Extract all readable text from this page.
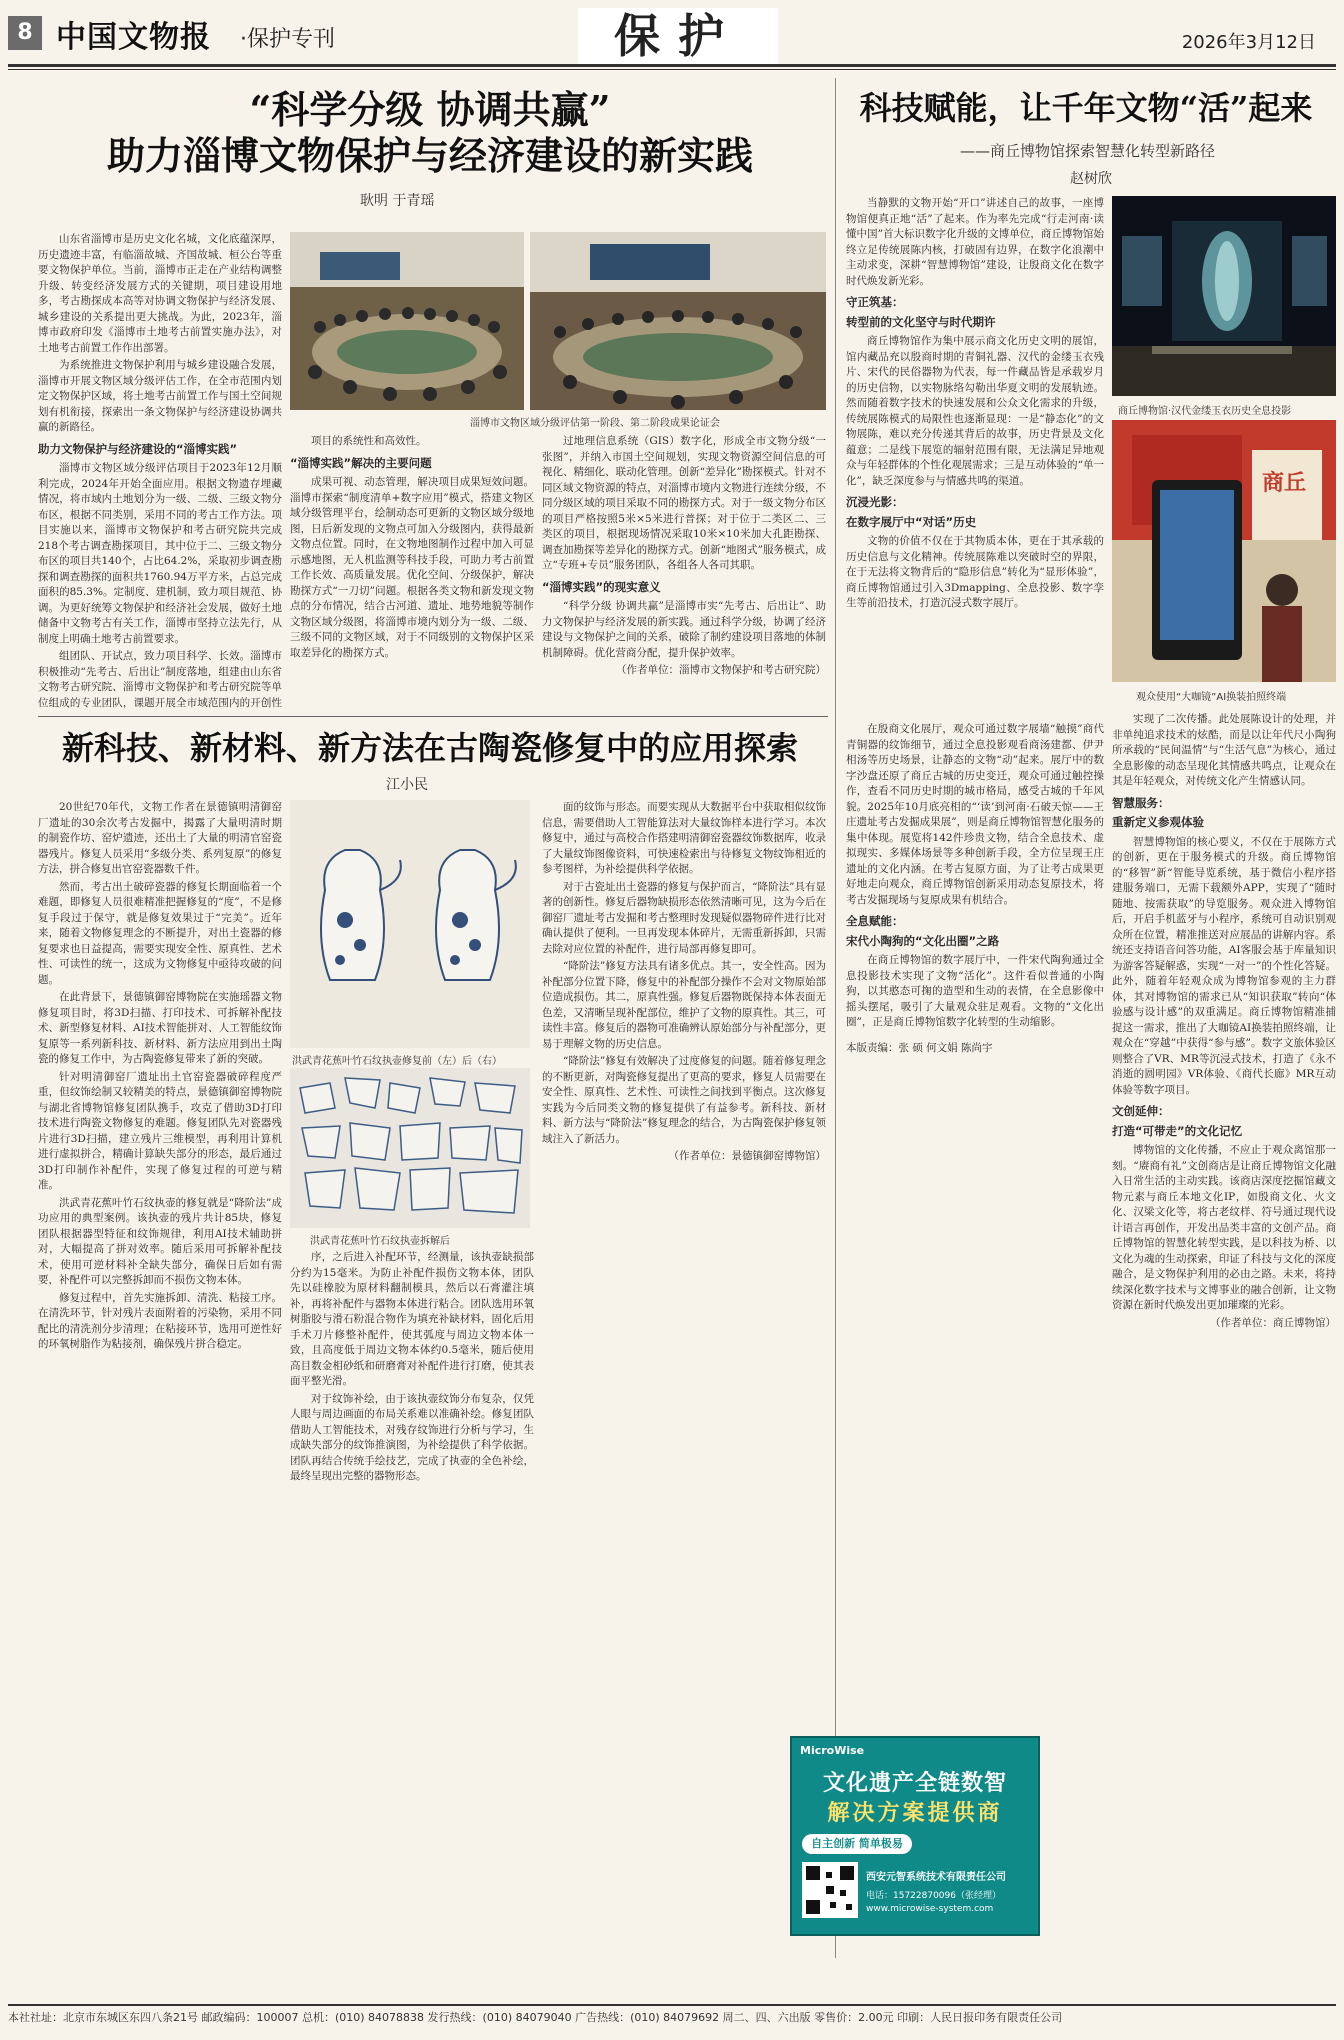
8 中国文物报 ·保护专刊	保护	2026年3月12日
“科学分级 协调共赢”
助力淄博文物保护与经济建设的新实践
耿明 于青瑶
淄博市文物区域分级评估第一阶段、第二阶段成果论证会

山东省淄博市是历史文化名城，文化底蕴深厚，历史遗迹丰富，有临淄故城、齐国故城、桓公台等重要文物保护单位。当前，淄博市正走在产业结构调整升级、转变经济发展方式的关键期，项目建设用地多，考古勘探成本高等对协调文物保护与经济发展、城乡建设的关系提出更大挑战。为此，2023年，淄博市政府印发《淄博市土地考古前置实施办法》，对土地考古前置工作作出部署。

为系统推进文物保护利用与城乡建设融合发展，淄博市开展文物区域分级评估工作，在全市范围内划定文物保护区域，将土地考古前置工作与国土空间规划有机衔接，探索出一条文物保护与经济建设协调共赢的新路径。

助力文物保护与经济建设的“淄博实践”

淄博市文物区域分级评估项目于2023年12月顺利完成，2024年开始全面应用。根据文物遗存埋藏情况，将市域内土地划分为一级、二级、三级文物分布区，根据不同类别，采用不同的考古工作方法。项目实施以来，淄博市文物保护和考古研究院共完成218个考古调查勘探项目，其中位于二、三级文物分布区的项目共140个，占比64.2%，采取初步调查勘探和调查勘探的面积共1760.94万平方米，占总完成面积的85.3%。定制度、建机制，致力项目规范、协调。为更好统筹文物保护和经济社会发展，做好土地储备中文物考古有关工作，淄博市坚持立法先行，从制度上明确土地考古前置要求。

组团队、开试点，致力项目科学、长效。淄博市积极推动“先考古、后出让”制度落地，组建由山东省文物考古研究院、淄博市文物保护和考古研究院等单位组成的专业团队，课题开展全市域范围内的开创性

项目的系统性和高效性。

“淄博实践”解决的主要问题

成果可视、动态管理，解决项目成果短效问题。淄博市探索“制度清单+数字应用”模式，搭建文物区域分级管理平台，绘制动态可更新的文物区域分级地图，日后新发现的文物点可加入分级图内，获得最新文物点位置。同时，在文物地图制作过程中加入可显示感地图，无人机监测等科技手段，可助力考古前置工作长效、高质量发展。优化空间、分级保护，解决勘探方式“一刀切”问题。根据各类文物和新发现文物点的分布情况，结合古河道、遗址、地势地貌等制作文物区域分级图，将淄博市境内划分为一级、二级、三级不同的文物区域，对于不同级别的文物保护区采取差异化的勘探方式。

过地理信息系统（GIS）数字化，形成全市文物分级“一张图”，并纳入市国土空间规划，实现文物资源空间信息的可视化、精细化、联动化管理。创新“差异化”勘探模式。针对不同区域文物资源的特点，对淄博市境内文物进行连续分级，不同分级区域的项目采取不同的勘探方式。对于一级文物分布区的项目严格按照5米×5米进行普探；对于位于二类区二、三类区的项目，根据现场情况采取10米×10米加大孔距勘探、调查加勘探等差异化的勘探方式。创新“地图式”服务模式，成立“专班+专员”服务团队，各组各人各司其职。

“淄博实践”的现实意义

“科学分级 协调共赢”是淄博市实“先考古、后出让”、助力文物保护与经济发展的新实践。通过科学分级，协调了经济建设与文物保护之间的关系，破除了制约建设项目落地的体制机制障碍。优化营商分配，提升保护效率。

（作者单位：淄博市文物保护和考古研究院）

新科技、新材料、新方法在古陶瓷修复中的应用探索
江小民
洪武青花蕉叶竹石纹执壶修复前（左）后（右）
洪武青花蕉叶竹石纹执壶拆解后

20世纪70年代，文物工作者在景德镇明清御窑厂遗址的30余次考古发掘中，揭露了大量明清时期的制瓷作坊、窑炉遗迹，还出土了大量的明清官窑瓷器残片。修复人员采用“多级分类、系列复原”的修复方法，拼合修复出官窑瓷器数千件。

然而，考古出土破碎瓷器的修复长期面临着一个难题，即修复人员很难精准把握修复的“度”，不是修复手段过于保守，就是修复效果过于“完美”。近年来，随着文物修复理念的不断提升，对出土瓷器的修复要求也日益提高，需要实现安全性、原真性、艺术性、可读性的统一，这成为文物修复中亟待攻破的问题。

在此背景下，景德镇御窑博物院在实施瑶器文物修复项目时，将3D扫描、打印技术、可拆解补配技术、新型修复材料、AI技术智能拼对、人工智能纹饰复原等一系列新科技、新材料、新方法应用到出土陶瓷的修复工作中，为古陶瓷修复带来了新的突破。

针对明清御窑厂遗址出土官窑瓷器破碎程度严重，但纹饰绘制又较精美的特点，景德镇御窑博物院与湖北省博物馆修复团队携手，攻克了借助3D打印技术进行陶瓷文物修复的难题。修复团队先对瓷器残片进行3D扫描，建立残片三维模型，再利用计算机进行虚拟拼合，精确计算缺失部分的形态，最后通过3D打印制作补配件，实现了修复过程的可逆与精准。

洪武青花蕉叶竹石纹执壶的修复就是“降阶法”成功应用的典型案例。该执壶的残片共计85块，修复团队根据器型特征和纹饰规律，利用AI技术辅助拼对，大幅提高了拼对效率。随后采用可拆解补配技术，使用可逆材料补全缺失部分，确保日后如有需要，补配件可以完整拆卸而不损伤文物本体。

修复过程中，首先实施拆卸、清洗、粘接工序。在清洗环节，针对残片表面附着的污染物，采用不同配比的清洗剂分步清理；在粘接环节，选用可逆性好的环氧树脂作为粘接剂，确保残片拼合稳定。

序，之后进入补配环节，经测量，该执壶缺损部分约为15毫米。为防止补配件损伤文物本体，团队先以硅橡胶为原材料翻制模具，然后以石膏灌注填补，再将补配件与器物本体进行粘合。团队选用环氧树脂胶与滑石粉混合物作为填充补缺材料，固化后用手术刀片修整补配件，使其弧度与周边文物本体一致，且高度低于周边文物本体约0.5毫米，随后使用高目数金相砂纸和研磨膏对补配件进行打磨，使其表面平整光滑。

对于纹饰补绘，由于该执壶纹饰分布复杂，仅凭人眼与周边画面的布局关系难以准确补绘。修复团队借助人工智能技术，对残存纹饰进行分析与学习，生成缺失部分的纹饰推演图，为补绘提供了科学依据。团队再结合传统手绘技艺，完成了执壶的全色补绘，最终呈现出完整的器物形态。

面的纹饰与形态。而要实现从大数据平台中获取相似纹饰信息，需要借助人工智能算法对大量纹饰样本进行学习。本次修复中，通过与高校合作搭建明清御窑瓷器纹饰数据库，收录了大量纹饰图像资料，可快速检索出与待修复文物纹饰相近的参考图样，为补绘提供科学依据。

对于古瓷址出土瓷器的修复与保护而言，“降阶法”具有显著的创新性。修复后器物缺损形态依然清晰可见，这为今后在御窑厂遗址考古发掘和考古整理时发现疑似器物碎件进行比对确认提供了便利。一旦再发现本体碎片，无需重新拆卸，只需去除对应位置的补配件，进行局部再修复即可。

“降阶法”修复方法具有诸多优点。其一，安全性高。因为补配部分位置下降，修复中的补配部分操作不会对文物原始部位造成损伤。其二，原真性强。修复后器物既保持本体表面无色差，又清晰呈现补配部位，维护了文物的原真性。其三，可读性丰富。修复后的器物可准确辨认原始部分与补配部分，更易于理解文物的历史信息。

“降阶法”修复有效解决了过度修复的问题。随着修复理念的不断更新，对陶瓷修复提出了更高的要求，修复人员需要在安全性、原真性、艺术性、可读性之间找到平衡点。这次修复实践为今后同类文物的修复提供了有益参考。新科技、新材料、新方法与“降阶法”修复理念的结合，为古陶瓷保护修复领域注入了新活力。

（作者单位：景德镇御窑博物馆）

科技赋能，让千年文物“活”起来
——商丘博物馆探索智慧化转型新路径
赵树欣
商丘博物馆·汉代金缕玉衣历史全息投影
商丘
观众使用“大咖镜”AI换装拍照终端

当静默的文物开始“开口”讲述自己的故事，一座博物馆便真正地“活”了起来。作为率先完成“行走河南·读懂中国”首大标识数字化升级的文博单位，商丘博物馆始终立足传统展陈内核，打破固有边界，在数字化浪潮中主动求变，深耕“智慧博物馆”建设，让殷商文化在数字时代焕发新光彩。

守正筑基：
转型前的文化坚守与时代期许

商丘博物馆作为集中展示商文化历史文明的展馆，馆内藏品充以殷商时期的青铜礼器、汉代的金缕玉衣残片、宋代的民俗器物为代表，每一件藏品皆是承载岁月的历史信物，以实物脉络勾勒出华夏文明的发展轨迹。然而随着数字技术的快速发展和公众文化需求的升级，传统展陈模式的局限性也逐渐显现：一是“静态化”的文物展陈，难以充分传递其背后的故事，历史背景及文化蕴意；二是线下展览的辐射范围有限，无法满足异地观众与年轻群体的个性化观展需求；三是互动体验的“单一化”，缺乏深度参与与情感共鸣的渠道。

沉浸光影：
在数字展厅中“对话”历史

文物的价值不仅在于其物质本体，更在于其承载的历史信息与文化精神。传统展陈难以突破时空的界限，在于无法将文物背后的“隐形信息”转化为“显形体验”，商丘博物馆通过引入3Dmapping、全息投影、数字孪生等前沿技术，打造沉浸式数字展厅。

在殷商文化展厅，观众可通过数字展墙“触摸”商代青铜器的纹饰细节，通过全息投影观看商汤建都、伊尹相汤等历史场景，让静态的文物“动”起来。展厅中的数字沙盘还原了商丘古城的历史变迁，观众可通过触控操作，查看不同历史时期的城市格局，感受古城的千年风貌。2025年10月底亮相的“‘读’到河南·石破天惊——王庄遗址考古发掘成果展”，则是商丘博物馆智慧化服务的集中体现。展览将142件珍贵文物，结合全息技术、虚拟现实、多媒体场景等多种创新手段，全方位呈现王庄遗址的文化内涵。在考古复原方面，为了让考古成果更好地走向观众，商丘博物馆创新采用动态复原技术，将考古发掘现场与复原成果有机结合。

全息赋能：
宋代小陶狗的“文化出圈”之路

在商丘博物馆的数字展厅中，一件宋代陶狗通过全息投影技术实现了文物“活化”。这件看似普通的小陶狗，以其憨态可掬的造型和生动的表情，在全息影像中摇头摆尾，吸引了大量观众驻足观看。文物的“文化出圈”，正是商丘博物馆数字化转型的生动缩影。

本版责编：张 硕 何文娟 陈尚宇

实现了二次传播。此处展陈设计的处理，并非单纯追求技术的炫酷，而是以让年代尺小陶狗所承载的“民间温情”与“生活气息”为核心，通过全息影像的动态呈现化其情感共鸣点，让观众在其是年轻观众，对传统文化产生情感认同。

智慧服务：
重新定义参观体验

智慧博物馆的核心要义，不仅在于展陈方式的创新，更在于服务模式的升级。商丘博物馆的“移智”新“智能导览系统，基于微信小程序搭建服务端口，无需下载额外APP，实现了“随时随地、按需获取”的导览服务。观众进入博物馆后，开启手机蓝牙与小程序，系统可自动识别观众所在位置，精准推送对应展品的讲解内容。系统还支持语音问答功能，AI客服会基于库量知识为游客答疑解惑，实现“一对一”的个性化答疑。此外，随着年轻观众成为博物馆参观的主力群体，其对博物馆的需求已从“知识获取”转向“体验感与设计感”的双重满足。商丘博物馆精准捕捉这一需求，推出了大咖镜AI换装拍照终端，让观众在“穿越”中获得“参与感”。数字文旅体验区则整合了VR、MR等沉浸式技术，打造了《永不消逝的圆明园》VR体验、《商代长廊》MR互动体验等数字项目。

文创延伸：
打造“可带走”的文化记忆

博物馆的文化传播，不应止于观众离馆那一刻。“赓商有礼”文创商店是让商丘博物馆文化融入日常生活的主动实践。该商店深度挖掘馆藏文物元素与商丘本地文化IP，如殷商文化、火文化、汉梁文化等，将古老纹样、符号通过现代设计语言再创作，开发出品类丰富的文创产品。商丘博物馆的智慧化转型实践，是以科技为桥、以文化为魂的生动探索，印证了科技与文化的深度融合，是文物保护利用的必由之路。未来，将持续深化数字技术与文博事业的融合创新，让文物资源在新时代焕发出更加璀璨的光彩。

（作者单位：商丘博物馆）

MicroWise
文化遗产全链数智
解决方案提供商
自主创新 简单极易
西安元智系统技术有限责任公司
电话：15722870096（张经理）
www.microwise-system.com
本社社址：北京市东城区东四八条21号 邮政编码：100007 总机：(010) 84078838 发行热线：(010) 84079040 广告热线：(010) 84079692 周二、四、六出版 零售价：2.00元 印刷：人民日报印务有限责任公司
